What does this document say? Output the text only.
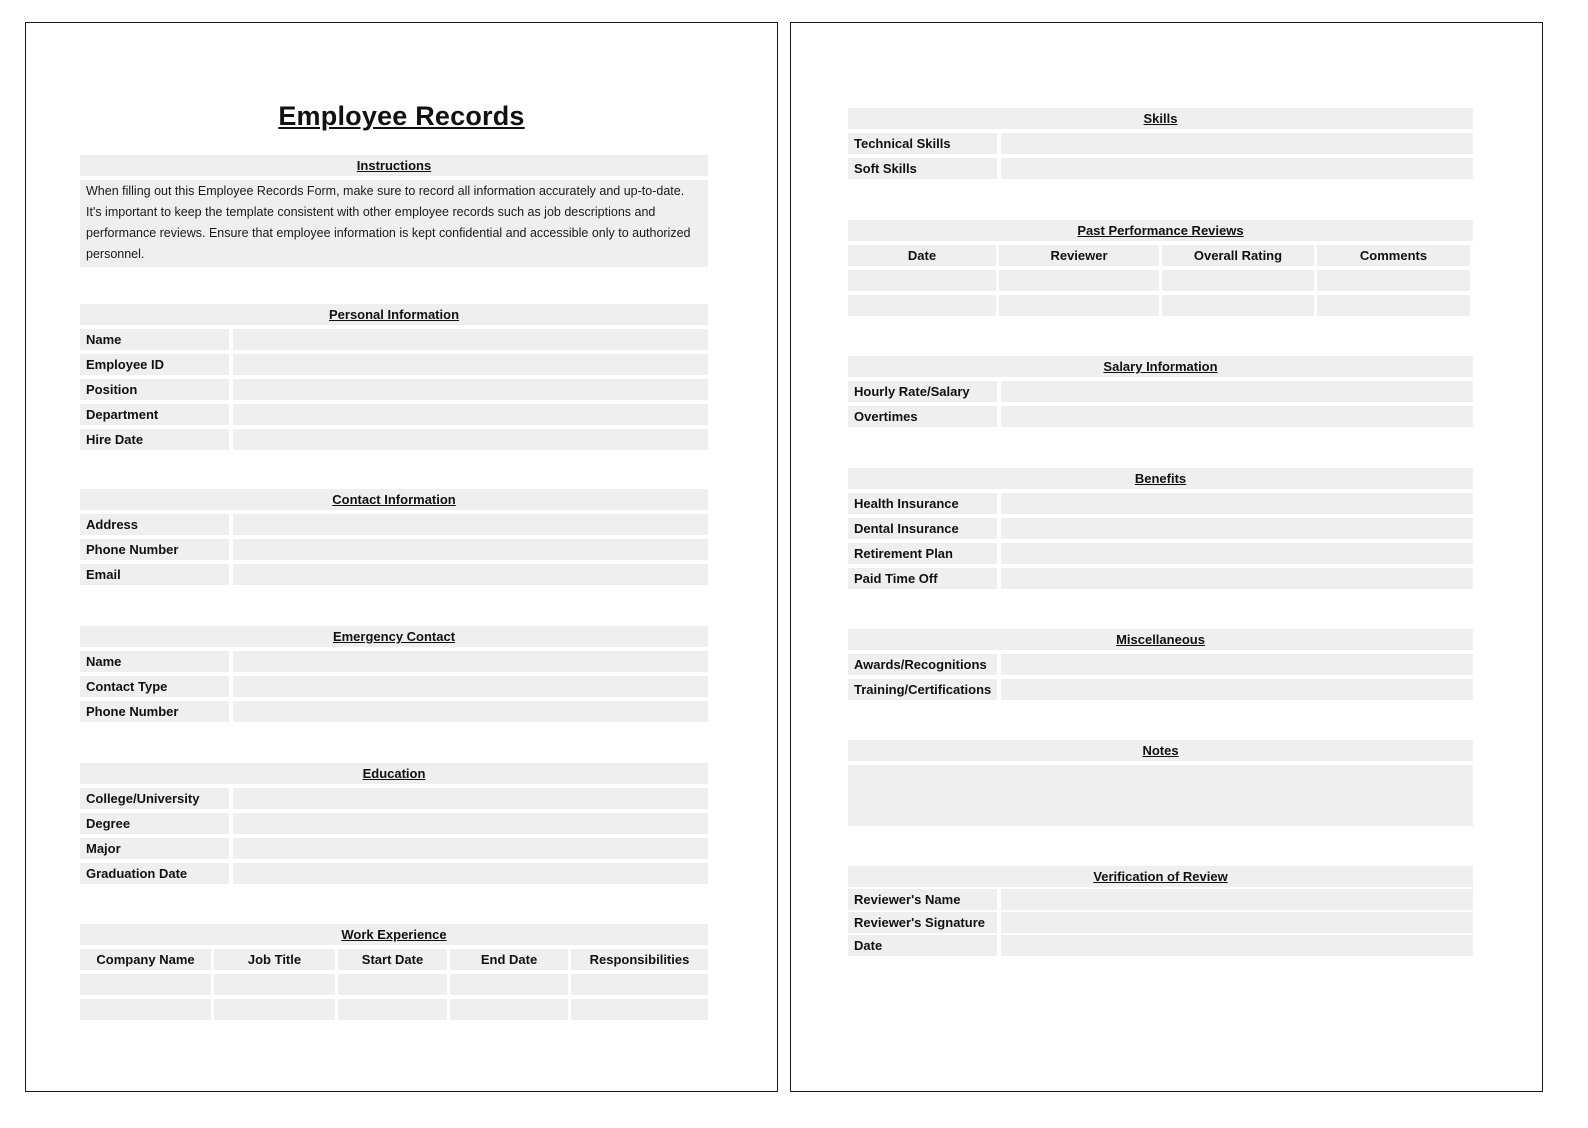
Employee Records
Instructions
When filling out this Employee Records Form, make sure to record all information accurately and up-to-date. It's important to keep the template consistent with other employee records such as job descriptions and performance reviews. Ensure that employee information is kept confidential and accessible only to authorized personnel.
Personal Information
Name
Employee ID
Position
Department
Hire Date
Contact Information
Address
Phone Number
Email
Emergency Contact
Name
Contact Type
Phone Number
Education
College/University
Degree
Major
Graduation Date
Work Experience
Company Name	Job Title	Start Date	End Date	Responsibilities
Skills
Technical Skills
Soft Skills
Past Performance Reviews
Date	Reviewer	Overall Rating	Comments
Salary Information
Hourly Rate/Salary
Overtimes
Benefits
Health Insurance
Dental Insurance
Retirement Plan
Paid Time Off
Miscellaneous
Awards/Recognitions
Training/Certifications
Notes
Verification of Review
Reviewer's Name
Reviewer's Signature
Date
